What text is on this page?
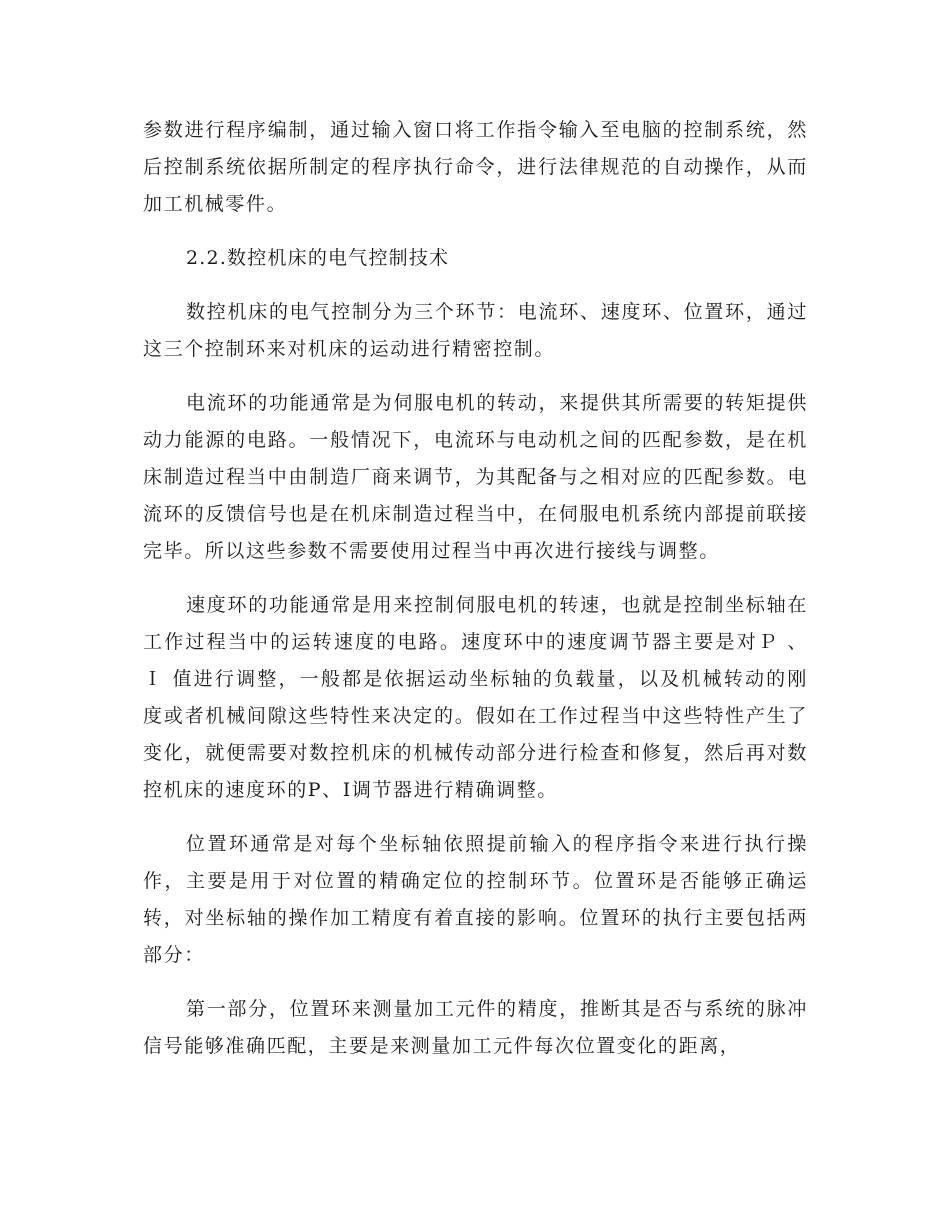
参数进行程序编制，通过输入窗口将工作指令输入至电脑的控制系统，然后控制系统依据所制定的程序执行命令，进行法律规范的自动操作，从而加工机械零件。

2.2.数控机床的电气控制技术

数控机床的电气控制分为三个环节：电流环、速度环、位置环，通过这三个控制环来对机床的运动进行精密控制。

电流环的功能通常是为伺服电机的转动，来提供其所需要的转矩提供动力能源的电路。一般情况下，电流环与电动机之间的匹配参数，是在机床制造过程当中由制造厂商来调节，为其配备与之相对应的匹配参数。电流环的反馈信号也是在机床制造过程当中，在伺服电机系统内部提前联接完毕。所以这些参数不需要使用过程当中再次进行接线与调整。

速度环的功能通常是用来控制伺服电机的转速，也就是控制坐标轴在工作过程当中的运转速度的电路。速度环中的速度调节器主要是对Ｐ 、Ｉ 值进行调整，一般都是依据运动坐标轴的负载量，以及机械转动的刚度或者机械间隙这些特性来决定的。假如在工作过程当中这些特性产生了变化，就便需要对数控机床的机械传动部分进行检查和修复，然后再对数控机床的速度环的P、I调节器进行精确调整。

位置环通常是对每个坐标轴依照提前输入的程序指令来进行执行操作，主要是用于对位置的精确定位的控制环节。位置环是否能够正确运转，对坐标轴的操作加工精度有着直接的影响。位置环的执行主要包括两部分：

第一部分，位置环来测量加工元件的精度，推断其是否与系统的脉冲信号能够准确匹配，主要是来测量加工元件每次位置变化的距离，
